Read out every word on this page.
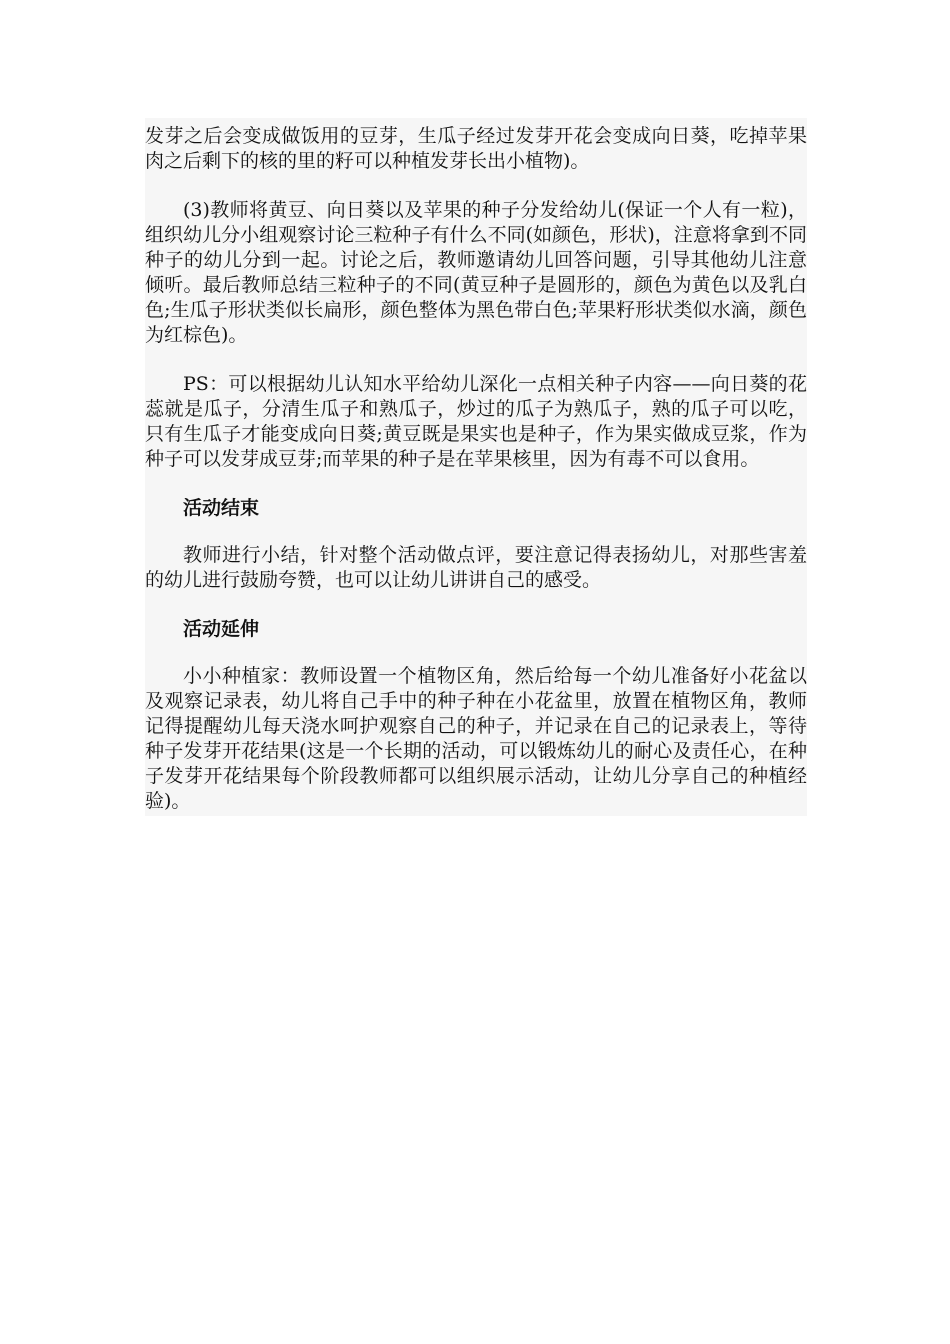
发芽之后会变成做饭用的豆芽，生瓜子经过发芽开花会变成向日葵，吃掉苹果肉之后剩下的核的里的籽可以种植发芽长出小植物)。

(3)教师将黄豆、向日葵以及苹果的种子分发给幼儿(保证一个人有一粒)，组织幼儿分小组观察讨论三粒种子有什么不同(如颜色，形状)，注意将拿到不同种子的幼儿分到一起。讨论之后，教师邀请幼儿回答问题，引导其他幼儿注意倾听。最后教师总结三粒种子的不同(黄豆种子是圆形的，颜色为黄色以及乳白色;生瓜子形状类似长扁形，颜色整体为黑色带白色;苹果籽形状类似水滴，颜色为红棕色)。

PS：可以根据幼儿认知水平给幼儿深化一点相关种子内容——向日葵的花蕊就是瓜子，分清生瓜子和熟瓜子，炒过的瓜子为熟瓜子，熟的瓜子可以吃，只有生瓜子才能变成向日葵;黄豆既是果实也是种子，作为果实做成豆浆，作为种子可以发芽成豆芽;而苹果的种子是在苹果核里，因为有毒不可以食用。

活动结束

教师进行小结，针对整个活动做点评，要注意记得表扬幼儿，对那些害羞的幼儿进行鼓励夸赞，也可以让幼儿讲讲自己的感受。

活动延伸

小小种植家：教师设置一个植物区角，然后给每一个幼儿准备好小花盆以及观察记录表，幼儿将自己手中的种子种在小花盆里，放置在植物区角，教师记得提醒幼儿每天浇水呵护观察自己的种子，并记录在自己的记录表上，等待种子发芽开花结果(这是一个长期的活动，可以锻炼幼儿的耐心及责任心，在种子发芽开花结果每个阶段教师都可以组织展示活动，让幼儿分享自己的种植经验)。
